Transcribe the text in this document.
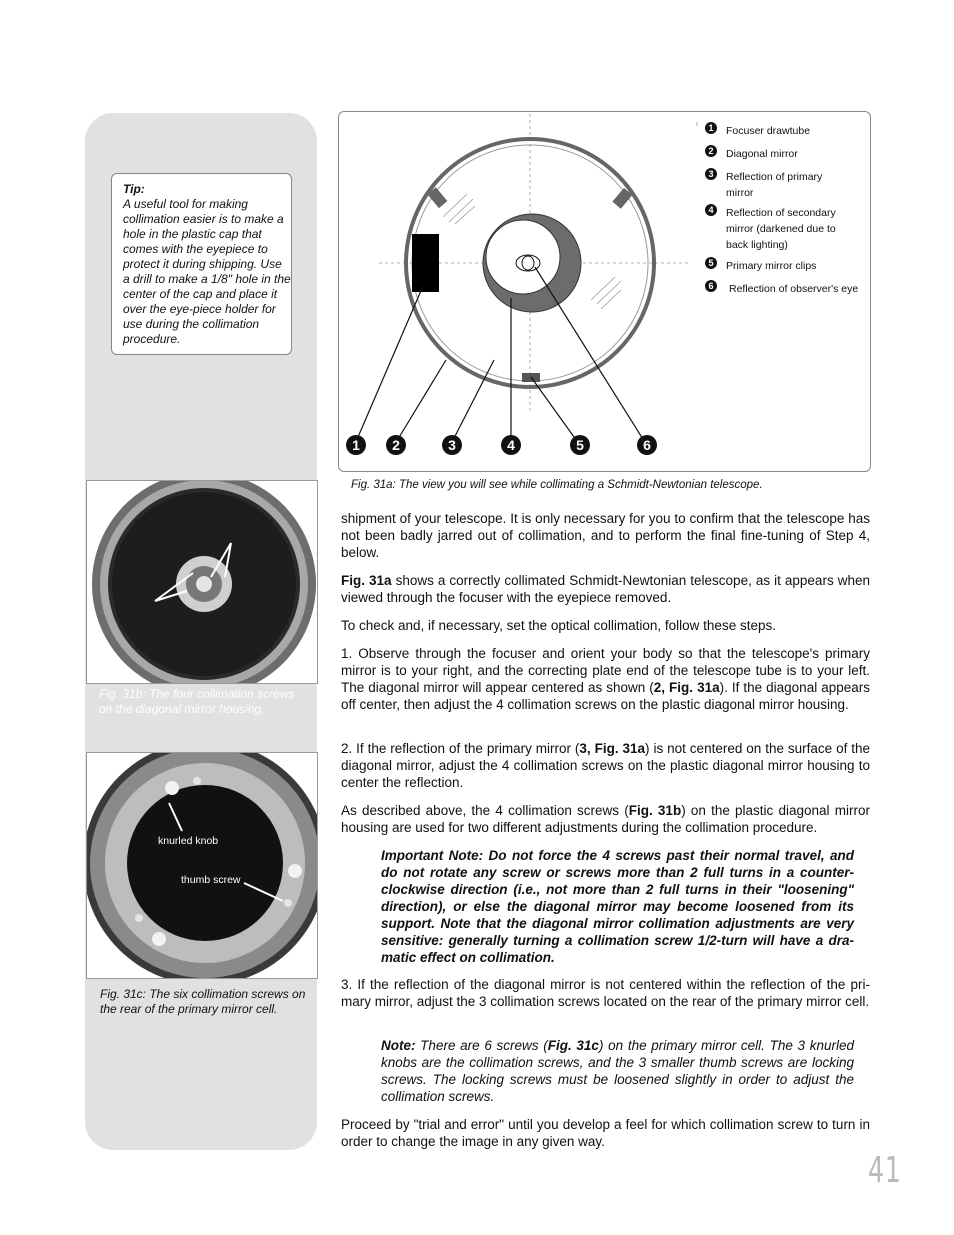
Tip:
A useful tool for making collimation easier is to make a hole in the plastic cap that comes with the eyepiece to protect it during shipping. Use a drill to make a 1/8" hole in the center of the cap and place it over the eye-piece holder for use during the collimation procedure.
Fig. 31b: The four collimation screws on the diagonal mirror housing.
knurled knob
thumb screw
Fig. 31c: The six collimation screws on the rear of the primary mirror cell.
1	2	3	4	5	6
1	Focuser drawtube
2	Diagonal mirror
3	Reflection of primary mirror
4	Reflection of secondary mirror (darkened due to back lighting)
5	Primary mirror clips
6	Reflection of observer's eye
Fig. 31a: The view you will see while collimating a Schmidt-Newtonian telescope.
shipment of your telescope. It is only necessary for you to confirm that the telescope has not been badly jarred out of collimation, and to perform the final fine-tuning of Step 4, below.
Fig. 31a shows a correctly collimated Schmidt-Newtonian telescope, as it appears when viewed through the focuser with the eyepiece removed.
To check and, if necessary, set the optical collimation, follow these steps.
1. Observe through the focuser and orient your body so that the telescope's primary mirror is to your right, and the correcting plate end of the telescope tube is to your left. The diagonal mirror will appear centered as shown (2, Fig. 31a). If the diagonal appears off center, then adjust the 4 collimation screws on the plastic diagonal mirror housing.
2. If the reflection of the primary mirror (3, Fig. 31a) is not centered on the surface of the diagonal mirror, adjust the 4 collimation screws on the plastic diagonal mirror housing to center the reflection.
As described above, the 4 collimation screws (Fig. 31b) on the plastic diagonal mirror housing are used for two different adjustments during the collimation procedure.
Important Note: Do not force the 4 screws past their normal travel, and do not rotate any screw or screws more than 2 full turns in a counter-clockwise direction (i.e., not more than 2 full turns in their "loosening" direction), or else the diagonal mirror may become loosened from its support. Note that the diagonal mirror collimation adjustments are very sensitive: generally turning a collimation screw 1/2-turn will have a dra-matic effect on collimation.
3. If the reflection of the diagonal mirror is not centered within the reflection of the pri-mary mirror, adjust the 3 collimation screws located on the rear of the primary mirror cell.
Note: There are 6 screws (Fig. 31c) on the primary mirror cell. The 3 knurled knobs are the collimation screws, and the 3 smaller thumb screws are locking screws. The locking screws must be loosened slightly in order to adjust the collimation screws.
Proceed by "trial and error" until you develop a feel for which collimation screw to turn in order to change the image in any given way.
41
